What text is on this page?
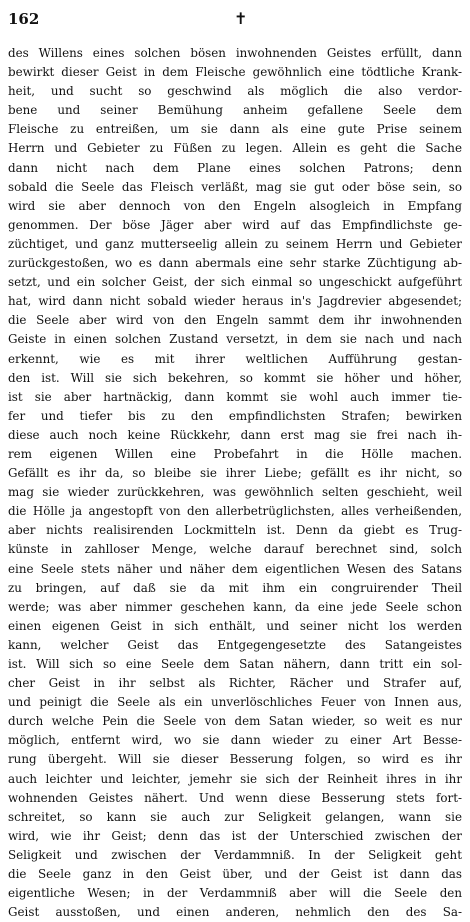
162	✝
des Willens eines solchen bösen inwohnenden Geistes erfüllt, dann
bewirkt dieser Geist in dem Fleische gewöhnlich eine tödtliche Krank-
heit, und sucht so geschwind als möglich die also verdor-
bene und seiner Bemühung anheim gefallene Seele dem
Fleische zu entreißen, um sie dann als eine gute Prise seinem
Herrn und Gebieter zu Füßen zu legen. Allein es geht die Sache
dann nicht nach dem Plane eines solchen Patrons; denn
sobald die Seele das Fleisch verläßt, mag sie gut oder böse sein, so
wird sie aber dennoch von den Engeln alsogleich in Empfang
genommen. Der böse Jäger aber wird auf das Empfindlichste ge-
züchtiget, und ganz mutterseelig allein zu seinem Herrn und Gebieter
zurückgestoßen, wo es dann abermals eine sehr starke Züchtigung ab-
setzt, und ein solcher Geist, der sich einmal so ungeschickt aufgeführt
hat, wird dann nicht sobald wieder heraus in's Jagdrevier abgesendet;
die Seele aber wird von den Engeln sammt dem ihr inwohnenden
Geiste in einen solchen Zustand versetzt, in dem sie nach und nach
erkennt, wie es mit ihrer weltlichen Aufführung gestan-
den ist. Will sie sich bekehren, so kommt sie höher und höher,
ist sie aber hartnäckig, dann kommt sie wohl auch immer tie-
fer und tiefer bis zu den empfindlichsten Strafen; bewirken
diese auch noch keine Rückkehr, dann erst mag sie frei nach ih-
rem eigenen Willen eine Probefahrt in die Hölle machen.
Gefällt es ihr da, so bleibe sie ihrer Liebe; gefällt es ihr nicht, so
mag sie wieder zurückkehren, was gewöhnlich selten geschieht, weil
die Hölle ja angestopft von den allerbetrüglichsten, alles verheißenden,
aber nichts realisirenden Lockmitteln ist. Denn da giebt es Trug-
künste in zahlloser Menge, welche darauf berechnet sind, solch
eine Seele stets näher und näher dem eigentlichen Wesen des Satans
zu bringen, auf daß sie da mit ihm ein congruirender Theil
werde; was aber nimmer geschehen kann, da eine jede Seele schon
einen eigenen Geist in sich enthält, und seiner nicht los werden
kann, welcher Geist das Entgegengesetzte des Satangeistes
ist. Will sich so eine Seele dem Satan nähern, dann tritt ein sol-
cher Geist in ihr selbst als Richter, Rächer und Strafer auf,
und peinigt die Seele als ein unverlöschliches Feuer von Innen aus,
durch welche Pein die Seele von dem Satan wieder, so weit es nur
möglich, entfernt wird, wo sie dann wieder zu einer Art Besse-
rung übergeht. Will sie dieser Besserung folgen, so wird es ihr
auch leichter und leichter, jemehr sie sich der Reinheit ihres in ihr
wohnenden Geistes nähert. Und wenn diese Besserung stets fort-
schreitet, so kann sie auch zur Seligkeit gelangen, wann sie
wird, wie ihr Geist; denn das ist der Unterschied zwischen der
Seligkeit und zwischen der Verdammniß. In der Seligkeit geht
die Seele ganz in den Geist über, und der Geist ist dann das
eigentliche Wesen; in der Verdammniß aber will die Seele den
Geist ausstoßen, und einen anderen, nehmlich den des Sa-
